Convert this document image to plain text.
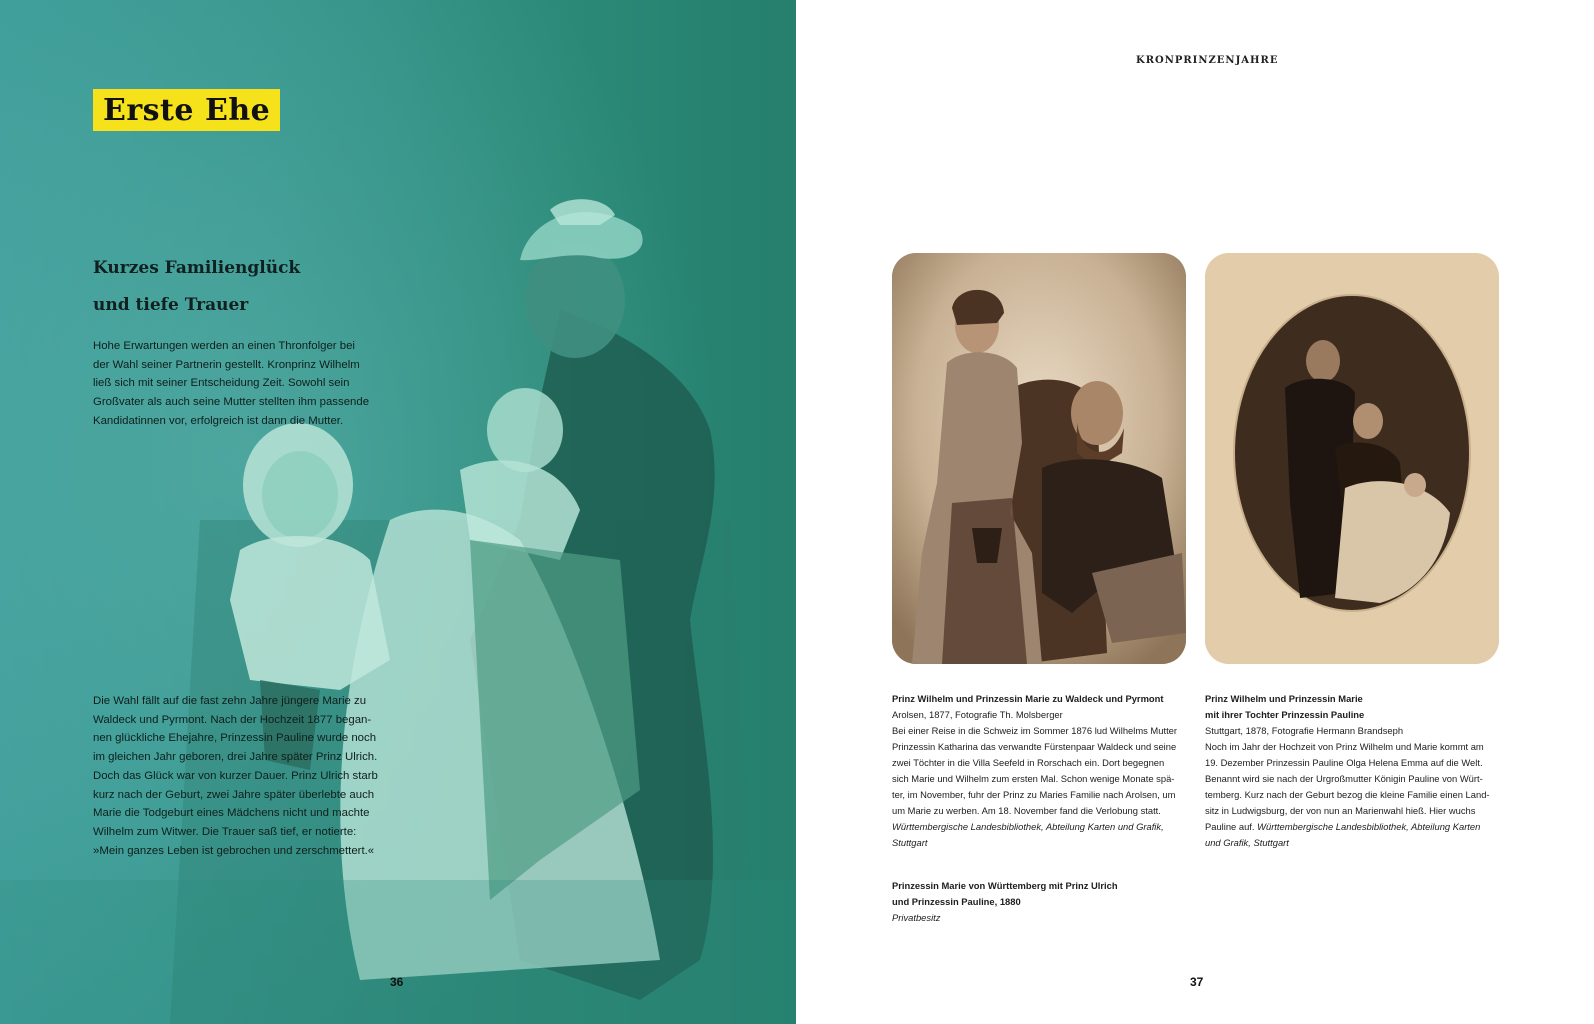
Erste Ehe
Kurzes Familienglück
und tiefe Trauer
Hohe Erwartungen werden an einen Thronfolger bei
der Wahl seiner Partnerin gestellt. Kronprinz Wilhelm
ließ sich mit seiner Entscheidung Zeit. Sowohl sein
Großvater als auch seine Mutter stellten ihm passende
Kandidatinnen vor, erfolgreich ist dann die Mutter.
Die Wahl fällt auf die fast zehn Jahre jüngere Marie zu
Waldeck und Pyrmont. Nach der Hochzeit 1877 began-
nen glückliche Ehejahre, Prinzessin Pauline wurde noch
im gleichen Jahr geboren, drei Jahre später Prinz Ulrich.
Doch das Glück war von kurzer Dauer. Prinz Ulrich starb
kurz nach der Geburt, zwei Jahre später überlebte auch
Marie die Todgeburt eines Mädchens nicht und machte
Wilhelm zum Witwer. Die Trauer saß tief, er notierte:
»Mein ganzes Leben ist gebrochen und zerschmettert.«
36
KRONPRINZENJAHRE
Prinz Wilhelm und Prinzessin Marie zu Waldeck und Pyrmont
Arolsen, 1877, Fotografie Th. Molsberger
Bei einer Reise in die Schweiz im Sommer 1876 lud Wilhelms Mutter
Prinzessin Katharina das verwandte Fürstenpaar Waldeck und seine
zwei Töchter in die Villa Seefeld in Rorschach ein. Dort begegnen
sich Marie und Wilhelm zum ersten Mal. Schon wenige Monate spä-
ter, im November, fuhr der Prinz zu Maries Familie nach Arolsen, um
um Marie zu werben. Am 18. November fand die Verlobung statt.
Württembergische Landesbibliothek, Abteilung Karten und Grafik,
Stuttgart
Prinz Wilhelm und Prinzessin Marie
mit ihrer Tochter Prinzessin Pauline
Stuttgart, 1878, Fotografie Hermann Brandseph
Noch im Jahr der Hochzeit von Prinz Wilhelm und Marie kommt am
19. Dezember Prinzessin Pauline Olga Helena Emma auf die Welt.
Benannt wird sie nach der Urgroßmutter Königin Pauline von Würt-
temberg. Kurz nach der Geburt bezog die kleine Familie einen Land-
sitz in Ludwigsburg, der von nun an Marienwahl hieß. Hier wuchs
Pauline auf. Württembergische Landesbibliothek, Abteilung Karten
und Grafik, Stuttgart
Prinzessin Marie von Württemberg mit Prinz Ulrich
und Prinzessin Pauline, 1880
Privatbesitz
37
